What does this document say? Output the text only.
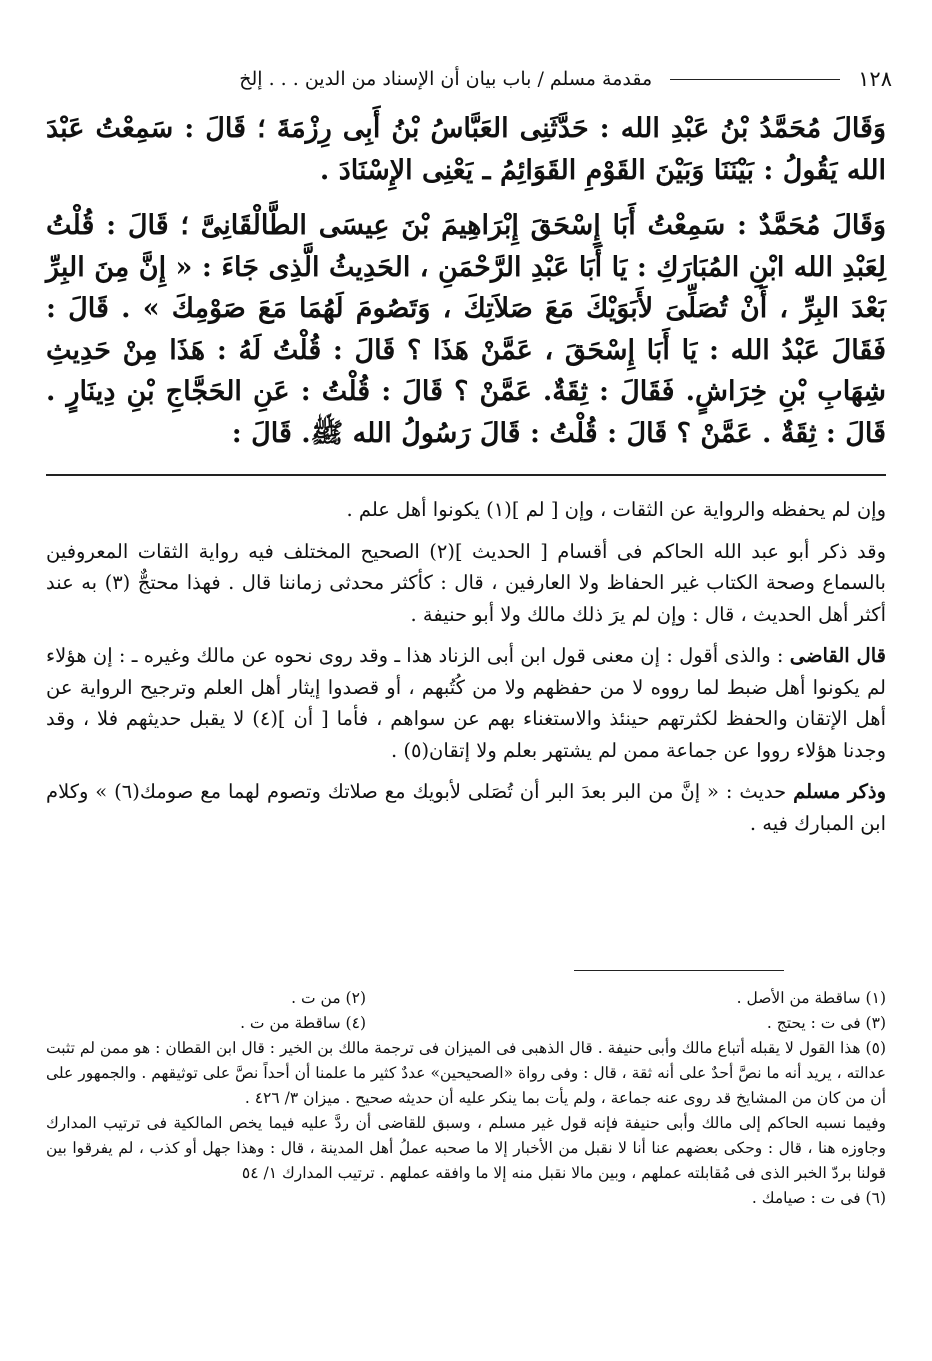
١٢٨
مقدمة مسلم / باب بيان أن الإسناد من الدين . . . إلخ

وَقَالَ مُحَمَّدُ بْنُ عَبْدِ الله : حَدَّثَنِى العَبَّاسُ بْنُ أَبِى رِزْمَةَ ؛ قَالَ : سَمِعْتُ عَبْدَ الله يَقُولُ : بَيْنَنَا وَبَيْنَ القَوْمِ القَوَائِمُ ـ يَعْنِى الإِسْنَادَ .

وَقَالَ مُحَمَّدٌ : سَمِعْتُ أَبَا إِسْحَقَ إِبْرَاهِيمَ بْنَ عِيسَى الطَّالْقَانِىَّ ؛ قَالَ : قُلْتُ لِعَبْدِ الله ابْنِ المُبَارَكِ : يَا أَبَا عَبْدِ الرَّحْمَنِ ، الحَدِيثُ الَّذِى جَاءَ : « إِنَّ مِنَ البِرِّ بَعْدَ البِرِّ ، أَنْ تُصَلِّىَ لأَبَوَيْكَ مَعَ صَلاَتِكَ ، وَتَصُومَ لَهُمَا مَعَ صَوْمِكَ » . قَالَ : فَقَالَ عَبْدُ الله : يَا أَبَا إِسْحَقَ ، عَمَّنْ هَذَا ؟ قَالَ : قُلْتُ لَهُ : هَذَا مِنْ حَدِيثِ شِهَابِ بْنِ خِرَاشٍ. فَقَالَ : ثِقَةٌ. عَمَّنْ ؟ قَالَ : قُلْتُ : عَنِ الحَجَّاجِ بْنِ دِينَارٍ . قَالَ : ثِقَةٌ . عَمَّنْ ؟ قَالَ : قُلْتُ : قَالَ رَسُولُ الله ﷺ. قَالَ :

وإن لم يحفظه والرواية عن الثقات ، وإن [ لم ](١) يكونوا أهل علم .

وقد ذكر أبو عبد الله الحاكم فى أقسام [ الحديث ](٢) الصحيح المختلف فيه رواية الثقات المعروفين بالسماع وصحة الكتاب غير الحفاظ ولا العارفين ، قال : كأكثر محدثى زماننا قال . فهذا محتجٌّ (٣) به عند أكثر أهل الحديث ، قال : وإن لم يرَ ذلك مالك ولا أبو حنيفة .

قال القاضى : والذى أقول : إن معنى قول ابن أبى الزناد هذا ـ وقد روى نحوه عن مالك وغيره ـ : إن هؤلاء لم يكونوا أهل ضبط لما رووه لا من حفظهم ولا من كُتُبهم ، أو قصدوا إيثار أهل العلم وترجيح الرواية عن أهل الإتقان والحفظ لكثرتهم حينئذ والاستغناء بهم عن سواهم ، فأما [ أن ](٤) لا يقبل حديثهم فلا ، وقد وجدنا هؤلاء رووا عن جماعة ممن لم يشتهر بعلم ولا إتقان(٥) .

وذكر مسلم حديث : « إنَّ من البر بعدَ البر أن تُصَلى لأبويك مع صلاتك وتصوم لهما مع صومك(٦) » وكلام ابن المبارك فيه .

(١) ساقطة من الأصل .
(٢) من ت .
(٣) فى ت : يحتج .
(٤) ساقطة من ت .
(٥) هذا القول لا يقبله أتباع مالك وأبى حنيفة . قال الذهبى فى الميزان فى ترجمة مالك بن الخير : قال ابن القطان : هو ممن لم تثبت عدالته ، يريد أنه ما نصَّ أحدٌ على أنه ثقة ، قال : وفى رواة «الصحيحين» عددٌ كثير ما علمنا أن أحداً نصَّ على توثيقهم . والجمهور على أن من كان من المشايخ قد روى عنه جماعة ، ولم يأت بما ينكر عليه أن حديثه صحيح . ميزان ٣/ ٤٢٦ .
وفيما نسبه الحاكم إلى مالك وأبى حنيفة فإنه قول غير مسلم ، وسبق للقاضى أن ردَّ عليه فيما يخص المالكية فى ترتيب المدارك وجاوزه هنا ، قال : وحكى بعضهم عنا أنا لا نقبل من الأخبار إلا ما صحبه عملُ أهل المدينة ، قال : وهذا جهل أو كذب ، لم يفرقوا بين قولنا بردّ الخبر الذى فى مُقابلته عملهم ، وبين مالا نقبل منه إلا ما وافقه عملهم . ترتيب المدارك ١/ ٥٤
(٦) فى ت : صيامك .
